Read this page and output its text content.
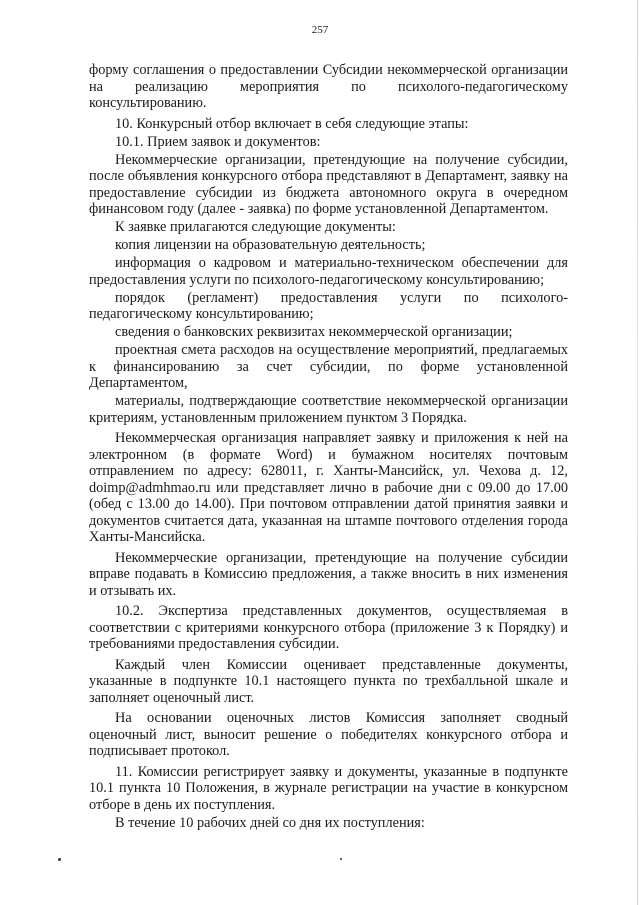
257

форму соглашения о предоставлении Субсидии некоммерческой организации на реализацию мероприятия по психолого-педагогическому консультированию.

10. Конкурсный отбор включает в себя следующие этапы:

10.1. Прием заявок и документов:

Некоммерческие организации, претендующие на получение субсидии, после объявления конкурсного отбора представляют в Департамент, заявку на предоставление субсидии из бюджета автономного округа в очередном финансовом году (далее - заявка) по форме установленной Департаментом.

К заявке прилагаются следующие документы:

копия лицензии на образовательную деятельность;

информация о кадровом и материально-техническом обеспечении для предоставления услуги по психолого-педагогическому консультированию;

порядок (регламент) предоставления услуги по психолого-педагогическому консультированию;

сведения о банковских реквизитах некоммерческой организации;

проектная смета расходов на осуществление мероприятий, предлагаемых к финансированию за счет субсидии, по форме установленной Департаментом,

материалы, подтверждающие соответствие некоммерческой организации критериям, установленным приложением пунктом 3 Порядка.

Некоммерческая организация направляет заявку и приложения к ней на электронном (в формате Word) и бумажном носителях почтовым отправлением по адресу: 628011, г. Ханты-Мансийск, ул. Чехова д. 12, doimp@admhmao.ru или представляет лично в рабочие дни с 09.00 до 17.00 (обед с 13.00 до 14.00). При почтовом отправлении датой принятия заявки и документов считается дата, указанная на штампе почтового отделения города Ханты-Мансийска.

Некоммерческие организации, претендующие на получение субсидии вправе подавать в Комиссию предложения, а также вносить в них изменения и отзывать их.

10.2. Экспертиза представленных документов, осуществляемая в соответствии с критериями конкурсного отбора (приложение 3 к Порядку) и требованиями предоставления субсидии.

Каждый член Комиссии оценивает представленные документы, указанные в подпункте 10.1 настоящего пункта по трехбалльной шкале и заполняет оценочный лист.

На основании оценочных листов Комиссия заполняет сводный оценочный лист, выносит решение о победителях конкурсного отбора и подписывает протокол.

11. Комиссии регистрирует заявку и документы, указанные в подпункте 10.1 пункта 10 Положения, в журнале регистрации на участие в конкурсном отборе в день их поступления.

В течение 10 рабочих дней со дня их поступления:
